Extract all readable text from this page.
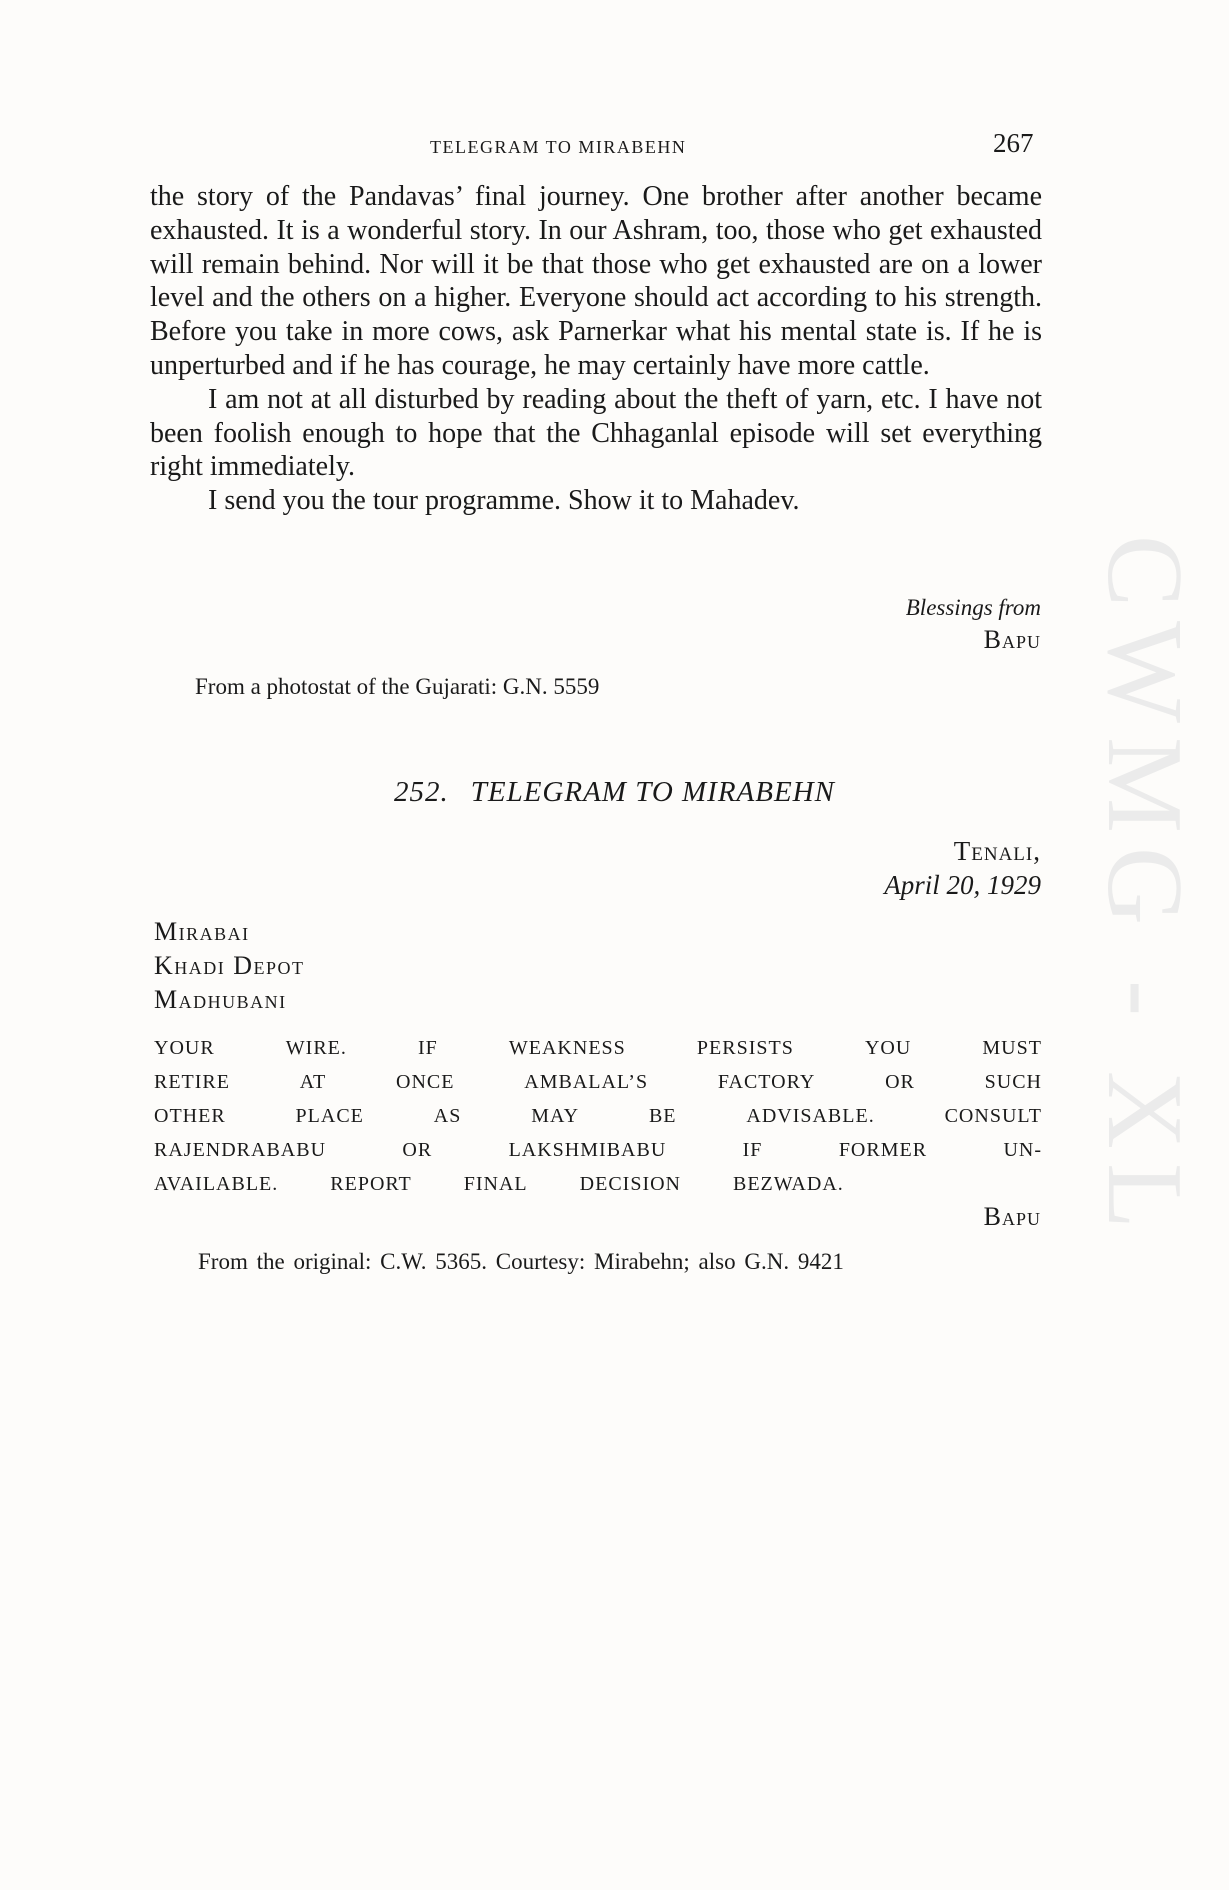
CWMG - XL
TELEGRAM TO MIRABEHN	267

the story of the Pandavas’ final journey. One brother after another became exhausted. It is a wonderful story. In our Ashram, too, those who get exhausted will remain behind. Nor will it be that those who get exhausted are on a lower level and the others on a higher. Everyone should act according to his strength. Before you take in more cows, ask Parnerkar what his mental state is. If he is unperturbed and if he has courage, he may certainly have more cattle.

I am not at all disturbed by reading about the theft of yarn, etc. I have not been foolish enough to hope that the Chhaganlal episode will set everything right immediately.

I send you the tour programme. Show it to Mahadev.

Blessings from
Bapu
From a photostat of the Gujarati: G.N. 5559
252. TELEGRAM TO MIRABEHN
Tenali,
April 20, 1929
Mirabai
Khadi Depot
Madhubani
YOUR	WIRE.	IF	WEAKNESS	PERSISTS	YOU	MUST
RETIRE	AT	ONCE	AMBALAL’S	FACTORY	OR	SUCH
OTHER	PLACE	AS	MAY	BE	ADVISABLE.	CONSULT
RAJENDRABABU	OR	LAKSHMIBABU	IF	FORMER	UN-
AVAILABLE.	REPORT	FINAL	DECISION	BEZWADA.
Bapu
From the original: C.W. 5365. Courtesy: Mirabehn; also G.N. 9421
